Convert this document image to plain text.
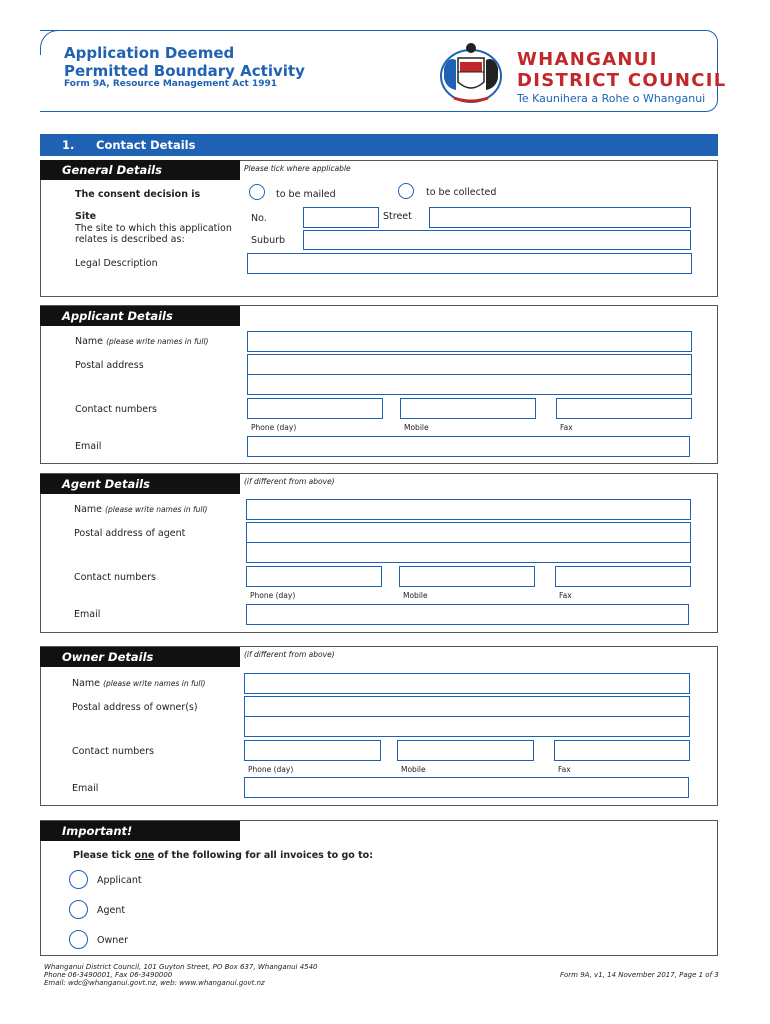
Application Deemed
Permitted Boundary Activity
Form 9A, Resource Management Act 1991
WHANGANUI
DISTRICT COUNCIL
Te Kaunihera a Rohe o Whanganui
1. Contact Details
General Details	Please tick where applicable
The consent decision is	to be mailed	to be collected
Site
The site to which this application
relates is described as:
No.	Street
Suburb
Legal Description
Applicant Details
Name (please write names in full)
Postal address
Contact numbers
Phone (day)	Mobile	Fax
Email
Agent Details	(if different from above)
Name (please write names in full)
Postal address of agent
Contact numbers
Phone (day)	Mobile	Fax
Email
Owner Details	(if different from above)
Name (please write names in full)
Postal address of owner(s)
Contact numbers
Phone (day)	Mobile	Fax
Email
Important!
Please tick one of the following for all invoices to go to:
Applicant
Agent
Owner
Whanganui District Council, 101 Guyton Street, PO Box 637, Whanganui 4540
Phone 06-3490001, Fax 06-3490000
Email: wdc@whanganui.govt.nz, web: www.whanganui.govt.nz
Form 9A, v1, 14 November 2017, Page 1 of 3
